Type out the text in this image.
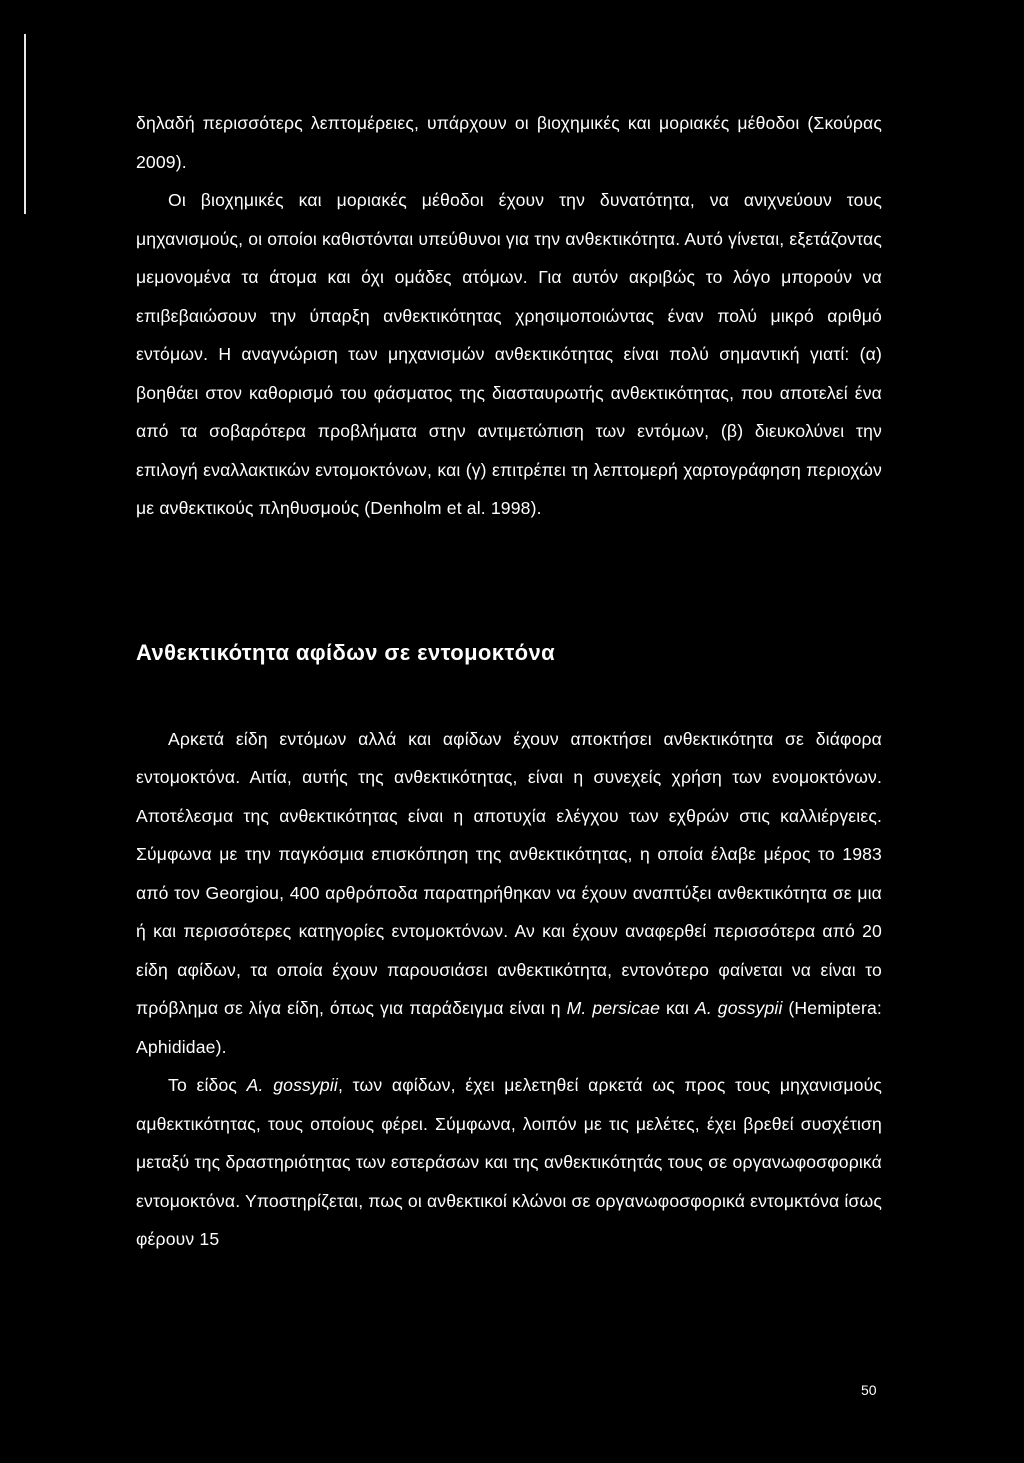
δηλαδή περισσότερς λεπτομέρειες, υπάρχουν οι βιοχημικές και μοριακές μέθοδοι (Σκούρας 2009).

Οι βιοχημικές και μοριακές μέθοδοι έχουν την δυνατότητα, να ανιχνεύουν τους μηχανισμούς, οι οποίοι καθιστόνται υπεύθυνοι για την ανθεκτικότητα. Αυτό γίνεται, εξετάζοντας μεμονομένα τα άτομα και όχι ομάδες ατόμων. Για αυτόν ακριβώς το λόγο μπορούν να επιβεβαιώσουν την ύπαρξη ανθεκτικότητας χρησιμοποιώντας έναν πολύ μικρό αριθμό εντόμων. Η αναγνώριση των μηχανισμών ανθεκτικότητας είναι πολύ σημαντική γιατί: (α) βοηθάει στον καθορισμό του φάσματος της διασταυρωτής ανθεκτικότητας, που αποτελεί ένα από τα σοβαρότερα προβλήματα στην αντιμετώπιση των εντόμων, (β) διευκολύνει την επιλογή εναλλακτικών εντομοκτόνων, και (γ) επιτρέπει τη λεπτομερή χαρτογράφηση περιοχών με ανθεκτικούς πληθυσμούς (Denholm et al. 1998).

Ανθεκτικότητα αφίδων σε εντομοκτόνα

Αρκετά είδη εντόμων αλλά και αφίδων έχουν αποκτήσει ανθεκτικότητα σε διάφορα εντομοκτόνα. Αιτία, αυτής της ανθεκτικότητας, είναι η συνεχείς χρήση των ενομοκτόνων. Αποτέλεσμα της ανθεκτικότητας είναι η αποτυχία ελέγχου των εχθρών στις καλλιέργειες. Σύμφωνα με την παγκόσμια επισκόπηση της ανθεκτικότητας, η οποία έλαβε μέρος το 1983 από τον Georgiou, 400 αρθρόποδα παρατηρήθηκαν να έχουν αναπτύξει ανθεκτικότητα σε μια ή και περισσότερες κατηγορίες εντομοκτόνων. Αν και έχουν αναφερθεί περισσότερα από 20 είδη αφίδων, τα οποία έχουν παρουσιάσει ανθεκτικότητα, εντονότερο φαίνεται να είναι το πρόβλημα σε λίγα είδη, όπως για παράδειγμα είναι η M. persicae και A. gossypii (Hemiptera: Aphididae).

Το είδος A. gossypii, των αφίδων, έχει μελετηθεί αρκετά ως προς τους μηχανισμούς αμθεκτικότητας, τους οποίους φέρει. Σύμφωνα, λοιπόν με τις μελέτες, έχει βρεθεί συσχέτιση μεταξύ της δραστηριότητας των εστεράσων και της ανθεκτικότητάς τους σε οργανωφοσφορικά εντομοκτόνα. Υποστηρίζεται, πως οι ανθεκτικοί κλώνοι σε οργανωφοσφορικά εντομκτόνα ίσως φέρουν 15

50
